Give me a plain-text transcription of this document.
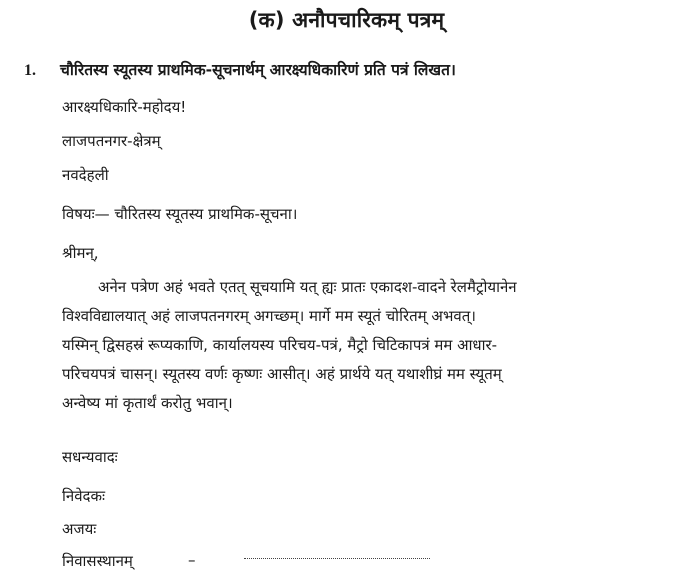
(क) अनौपचारिकम् पत्रम्
1. चौरितस्य स्यूतस्य प्राथमिक-सूचनार्थम् आरक्ष्यधिकारिणं प्रति पत्रं लिखत।
आरक्ष्यधिकारि-महोदय!
लाजपतनगर-क्षेत्रम्
नवदेहली
विषयः— चौरितस्य स्यूतस्य प्राथमिक-सूचना।
श्रीमन्,
अनेन पत्रेण अहं भवते एतत् सूचयामि यत् ह्यः प्रातः एकादश-वादने रेलमैट्रोयानेन
विश्वविद्यालयात् अहं लाजपतनगरम् अगच्छम्। मार्गे मम स्यूतं चोरितम् अभवत्।
यस्मिन् द्विसहस्रं रूप्यकाणि, कार्यालयस्य परिचय-पत्रं, मैट्रो चिटिकापत्रं मम आधार-
परिचयपत्रं चासन्। स्यूतस्य वर्णः कृष्णः आसीत्। अहं प्रार्थये यत् यथाशीघ्रं मम स्यूतम्
अन्वेष्य मां कृतार्थं करोतु भवान्।
सधन्यवादः
निवेदकः
अजयः
निवासस्थानम्	–
